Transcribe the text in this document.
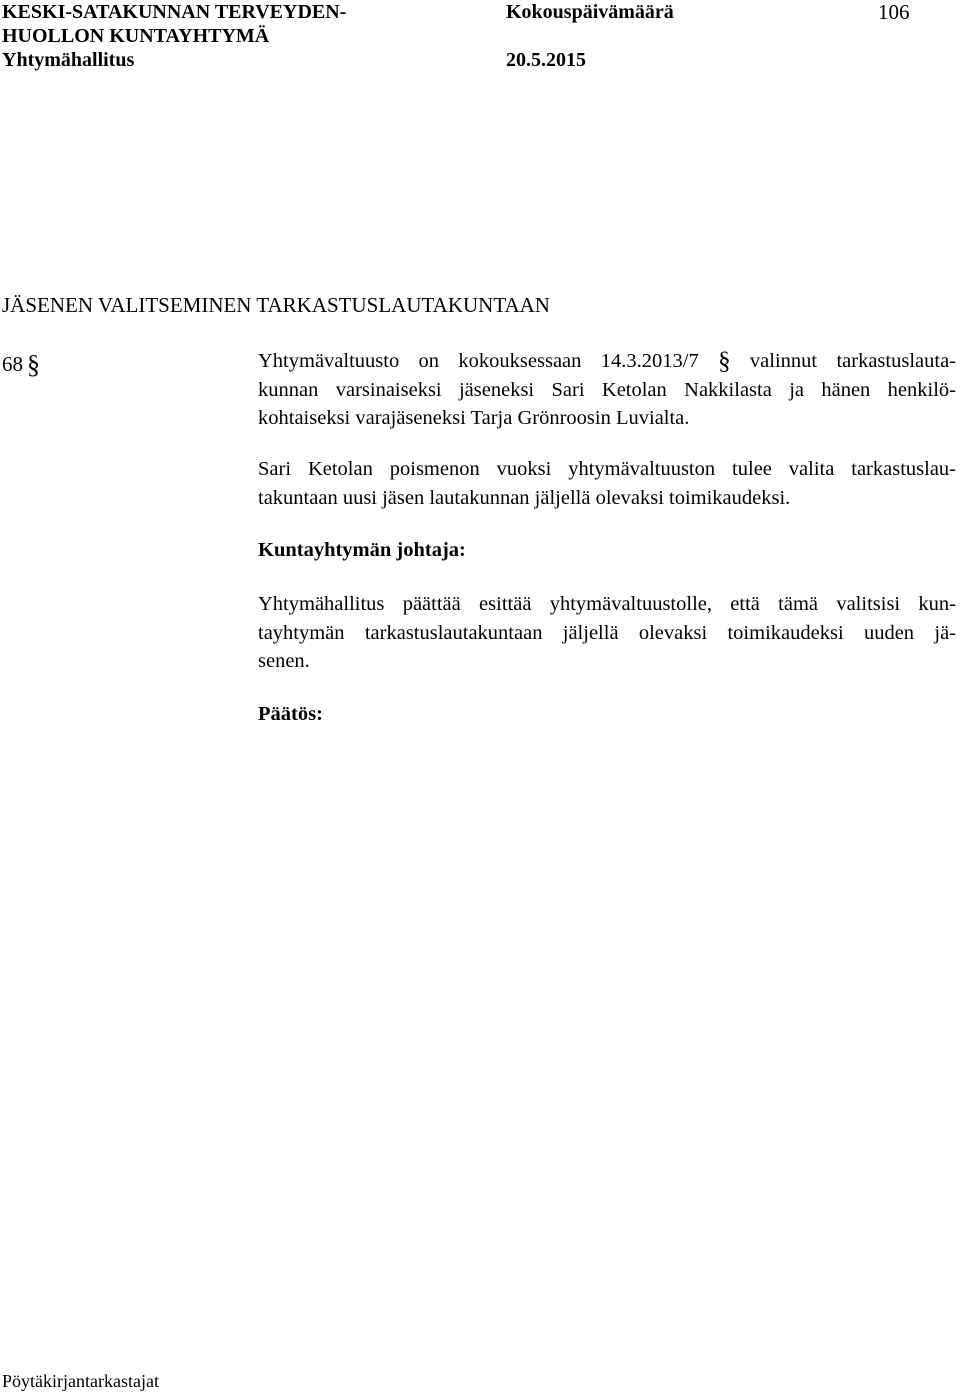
KESKI-SATAKUNNAN TERVEYDEN-
HUOLLON KUNTAYHTYMÄ
Yhtymähallitus
Kokouspäivämäärä
20.5.2015
106
JÄSENEN VALITSEMINEN TARKASTUSLAUTAKUNTAAN
68 §	Yhtymävaltuusto on kokouksessaan 14.3.2013/7 § valinnut tarkastuslauta-
kunnan varsinaiseksi jäseneksi Sari Ketolan Nakkilasta ja hänen henkilö-
kohtaiseksi varajäseneksi Tarja Grönroosin Luvialta.
Sari Ketolan poismenon vuoksi yhtymävaltuuston tulee valita tarkastuslau-
takuntaan uusi jäsen lautakunnan jäljellä olevaksi toimikaudeksi.
Kuntayhtymän johtaja:
Yhtymähallitus päättää esittää yhtymävaltuustolle, että tämä valitsisi kun-
tayhtymän tarkastuslautakuntaan jäljellä olevaksi toimikaudeksi uuden jä-
senen.
Päätös:
Pöytäkirjantarkastajat
